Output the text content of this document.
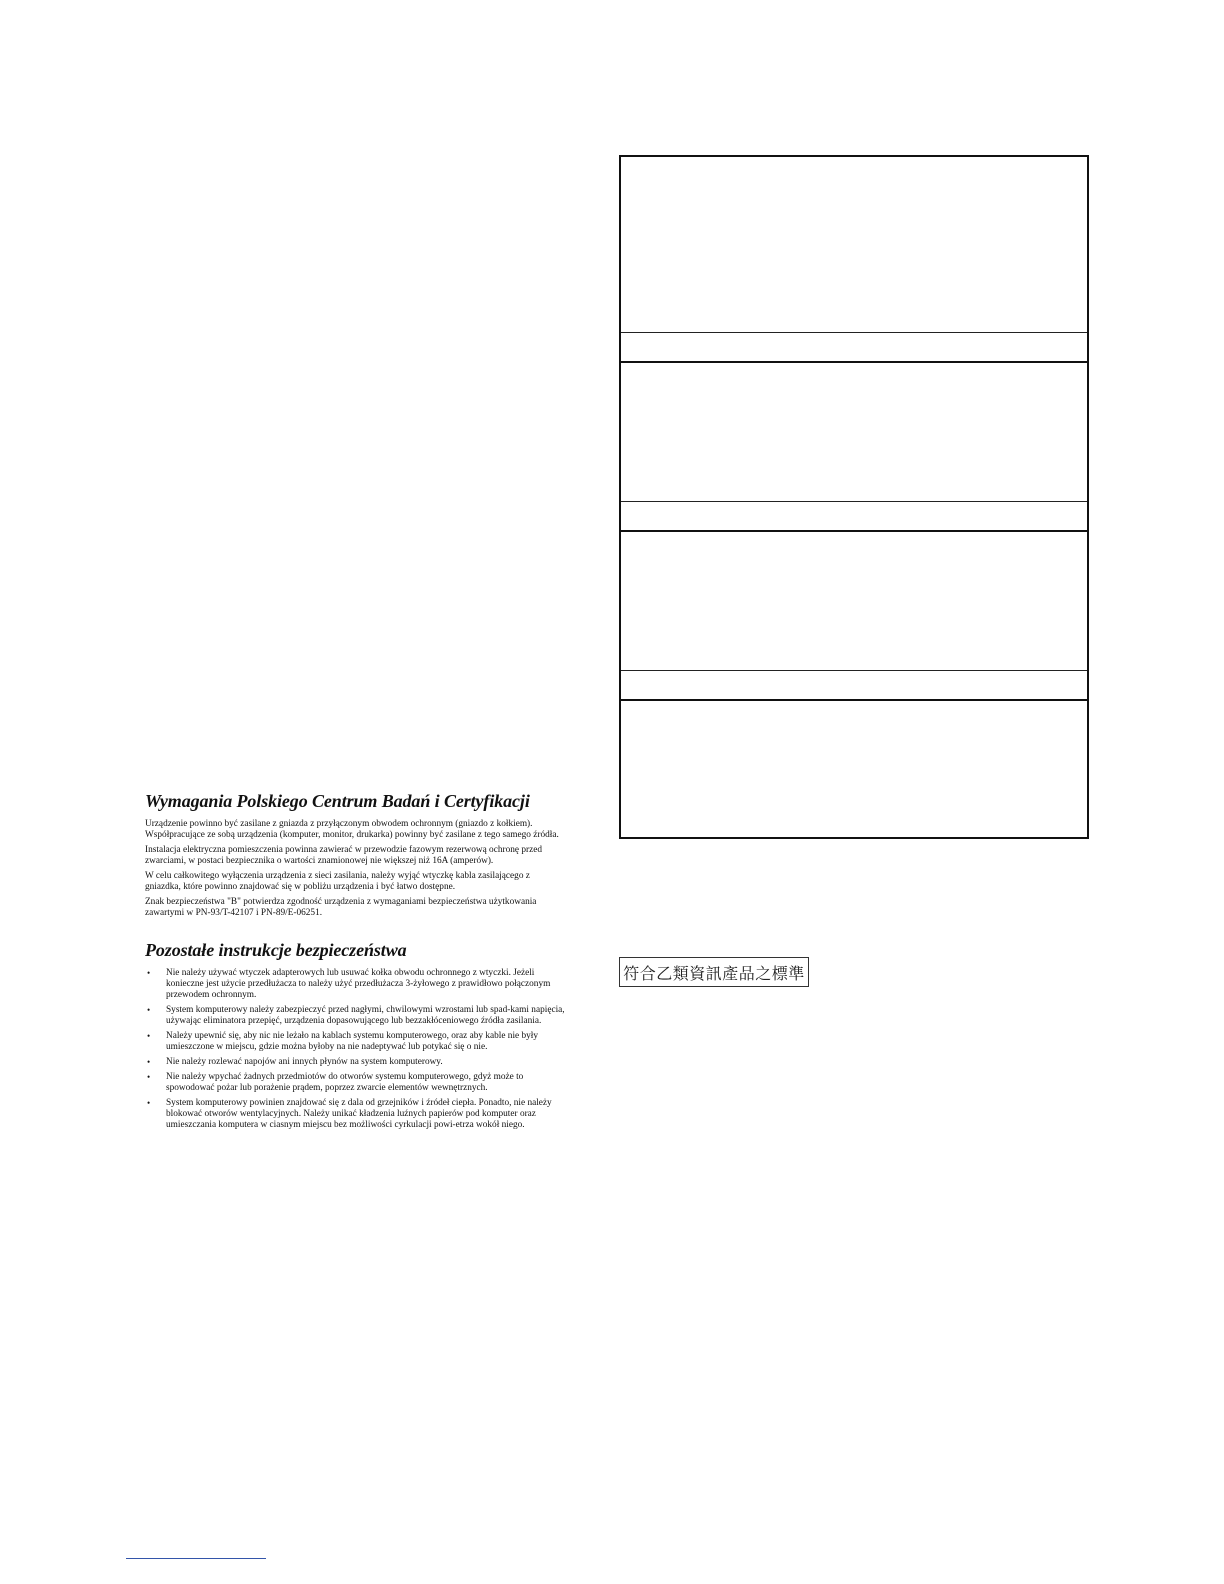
Wymagania Polskiego Centrum Badań i Certyfikacji

Urządzenie powinno być zasilane z gniazda z przyłączonym obwodem ochronnym (gniazdo z kołkiem). Współpracujące ze sobą urządzenia (komputer, monitor, drukarka) powinny być zasilane z tego samego źródła.

Instalacja elektryczna pomieszczenia powinna zawierać w przewodzie fazowym rezerwową ochronę przed zwarciami, w postaci bezpiecznika o wartości znamionowej nie większej niż 16A (amperów).

W celu całkowitego wyłączenia urządzenia z sieci zasilania, należy wyjąć wtyczkę kabla zasilającego z gniazdka, które powinno znajdować się w pobliżu urządzenia i być łatwo dostępne.

Znak bezpieczeństwa "B" potwierdza zgodność urządzenia z wymaganiami bezpieczeństwa użytkowania zawartymi w PN-93/T-42107 i PN-89/E-06251.

Pozostałe instrukcje bezpieczeństwa
• Nie należy używać wtyczek adapterowych lub usuwać kołka obwodu ochronnego z wtyczki. Jeżeli konieczne jest użycie przedłużacza to należy użyć przedłużacza 3-żyłowego z prawidłowo połączonym przewodem ochronnym.
• System komputerowy należy zabezpieczyć przed nagłymi, chwilowymi wzrostami lub spad-kami napięcia, używając eliminatora przepięć, urządzenia dopasowującego lub bezzakłóceniowego źródła zasilania.
• Należy upewnić się, aby nic nie leżało na kablach systemu komputerowego, oraz aby kable nie były umieszczone w miejscu, gdzie można byłoby na nie nadeptywać lub potykać się o nie.
• Nie należy rozlewać napojów ani innych płynów na system komputerowy.
• Nie należy wpychać żadnych przedmiotów do otworów systemu komputerowego, gdyż może to spowodować pożar lub porażenie prądem, poprzez zwarcie elementów wewnętrznych.
• System komputerowy powinien znajdować się z dala od grzejników i źródeł ciepła. Ponadto, nie należy blokować otworów wentylacyjnych. Należy unikać kładzenia luźnych papierów pod komputer oraz umieszczania komputera w ciasnym miejscu bez możliwości cyrkulacji powi-etrza wokół niego.
符合乙類資訊產品之標準
